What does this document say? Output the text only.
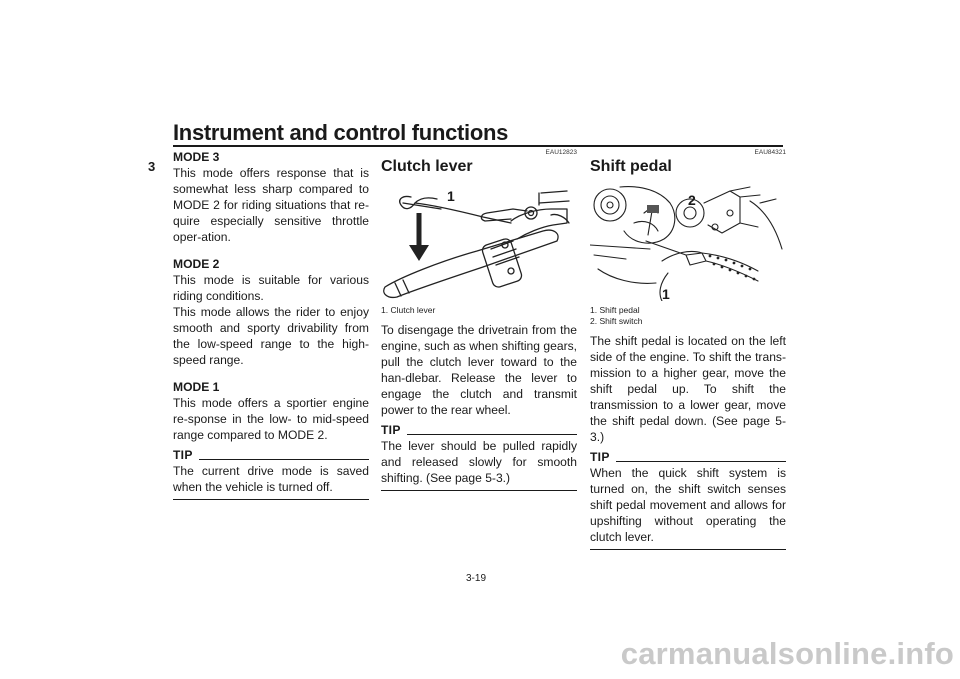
Instrument and control functions
3

MODE 3

This mode offers response that is somewhat less sharp compared to MODE 2 for riding situations that re-quire especially sensitive throttle oper-ation.

MODE 2

This mode is suitable for various riding conditions.

This mode allows the rider to enjoy smooth and sporty drivability from the low-speed range to the high-speed range.

MODE 1

This mode offers a sportier engine re-sponse in the low- to mid-speed range compared to MODE 2.

TIP

The current drive mode is saved when the vehicle is turned off.

EAU12823

Clutch lever
1

1. Clutch lever

To disengage the drivetrain from the engine, such as when shifting gears, pull the clutch lever toward to the han-dlebar. Release the lever to engage the clutch and transmit power to the rear wheel.

TIP

The lever should be pulled rapidly and released slowly for smooth shifting. (See page 5-3.)

EAU84321

Shift pedal
2
1

1. Shift pedal

2. Shift switch

The shift pedal is located on the left side of the engine. To shift the trans-mission to a higher gear, move the shift pedal up. To shift the transmission to a lower gear, move the shift pedal down. (See page 5-3.)

TIP

When the quick shift system is turned on, the shift switch senses shift pedal movement and allows for upshifting without operating the clutch lever.

3-19
carmanualsonline.info
